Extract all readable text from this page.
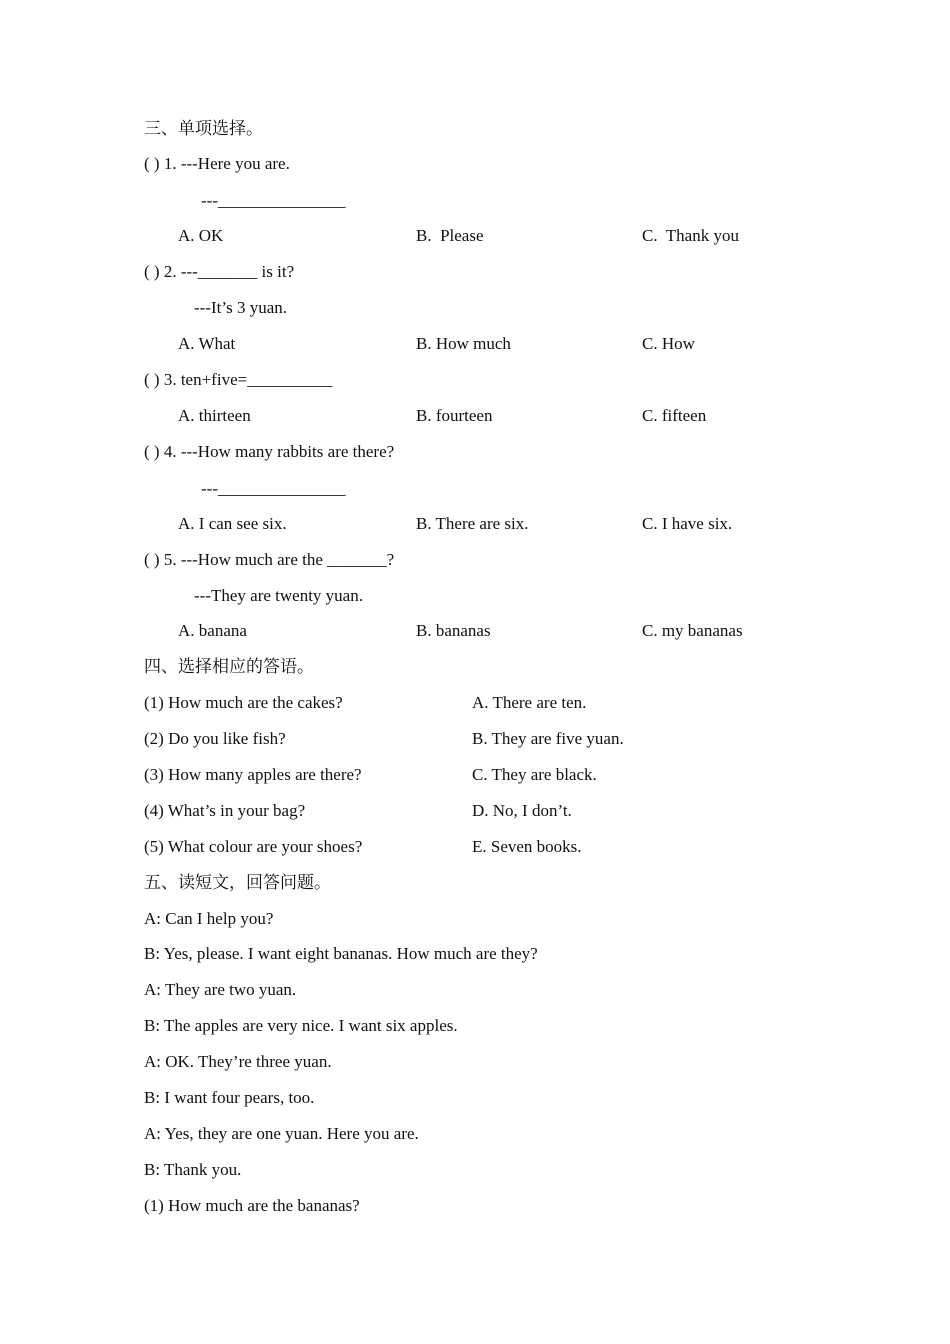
三、单项选择。
( ) 1. ---Here you are.
---_______________
A. OK	B.  Please	C.  Thank you
( ) 2. ---_______ is it?
---It’s 3 yuan.
A. What	B. How much	C. How
( ) 3. ten+five=__________
A. thirteen	B. fourteen	C. fifteen
( ) 4. ---How many rabbits are there?
---_______________
A. I can see six.	B. There are six.	C. I have six.
( ) 5. ---How much are the _______?
---They are twenty yuan.
A. banana	B. bananas	C. my bananas
四、选择相应的答语。
(1) How much are the cakes?	A. There are ten.
(2) Do you like fish?	B. They are five yuan.
(3) How many apples are there?	C. They are black.
(4) What’s in your bag?	D. No, I don’t.
(5) What colour are your shoes?	E. Seven books.
五、读短文，回答问题。
A: Can I help you?
B: Yes, please. I want eight bananas. How much are they?
A: They are two yuan.
B: The apples are very nice. I want six apples.
A: OK. They’re three yuan.
B: I want four pears, too.
A: Yes, they are one yuan. Here you are.
B: Thank you.
(1) How much are the bananas?
